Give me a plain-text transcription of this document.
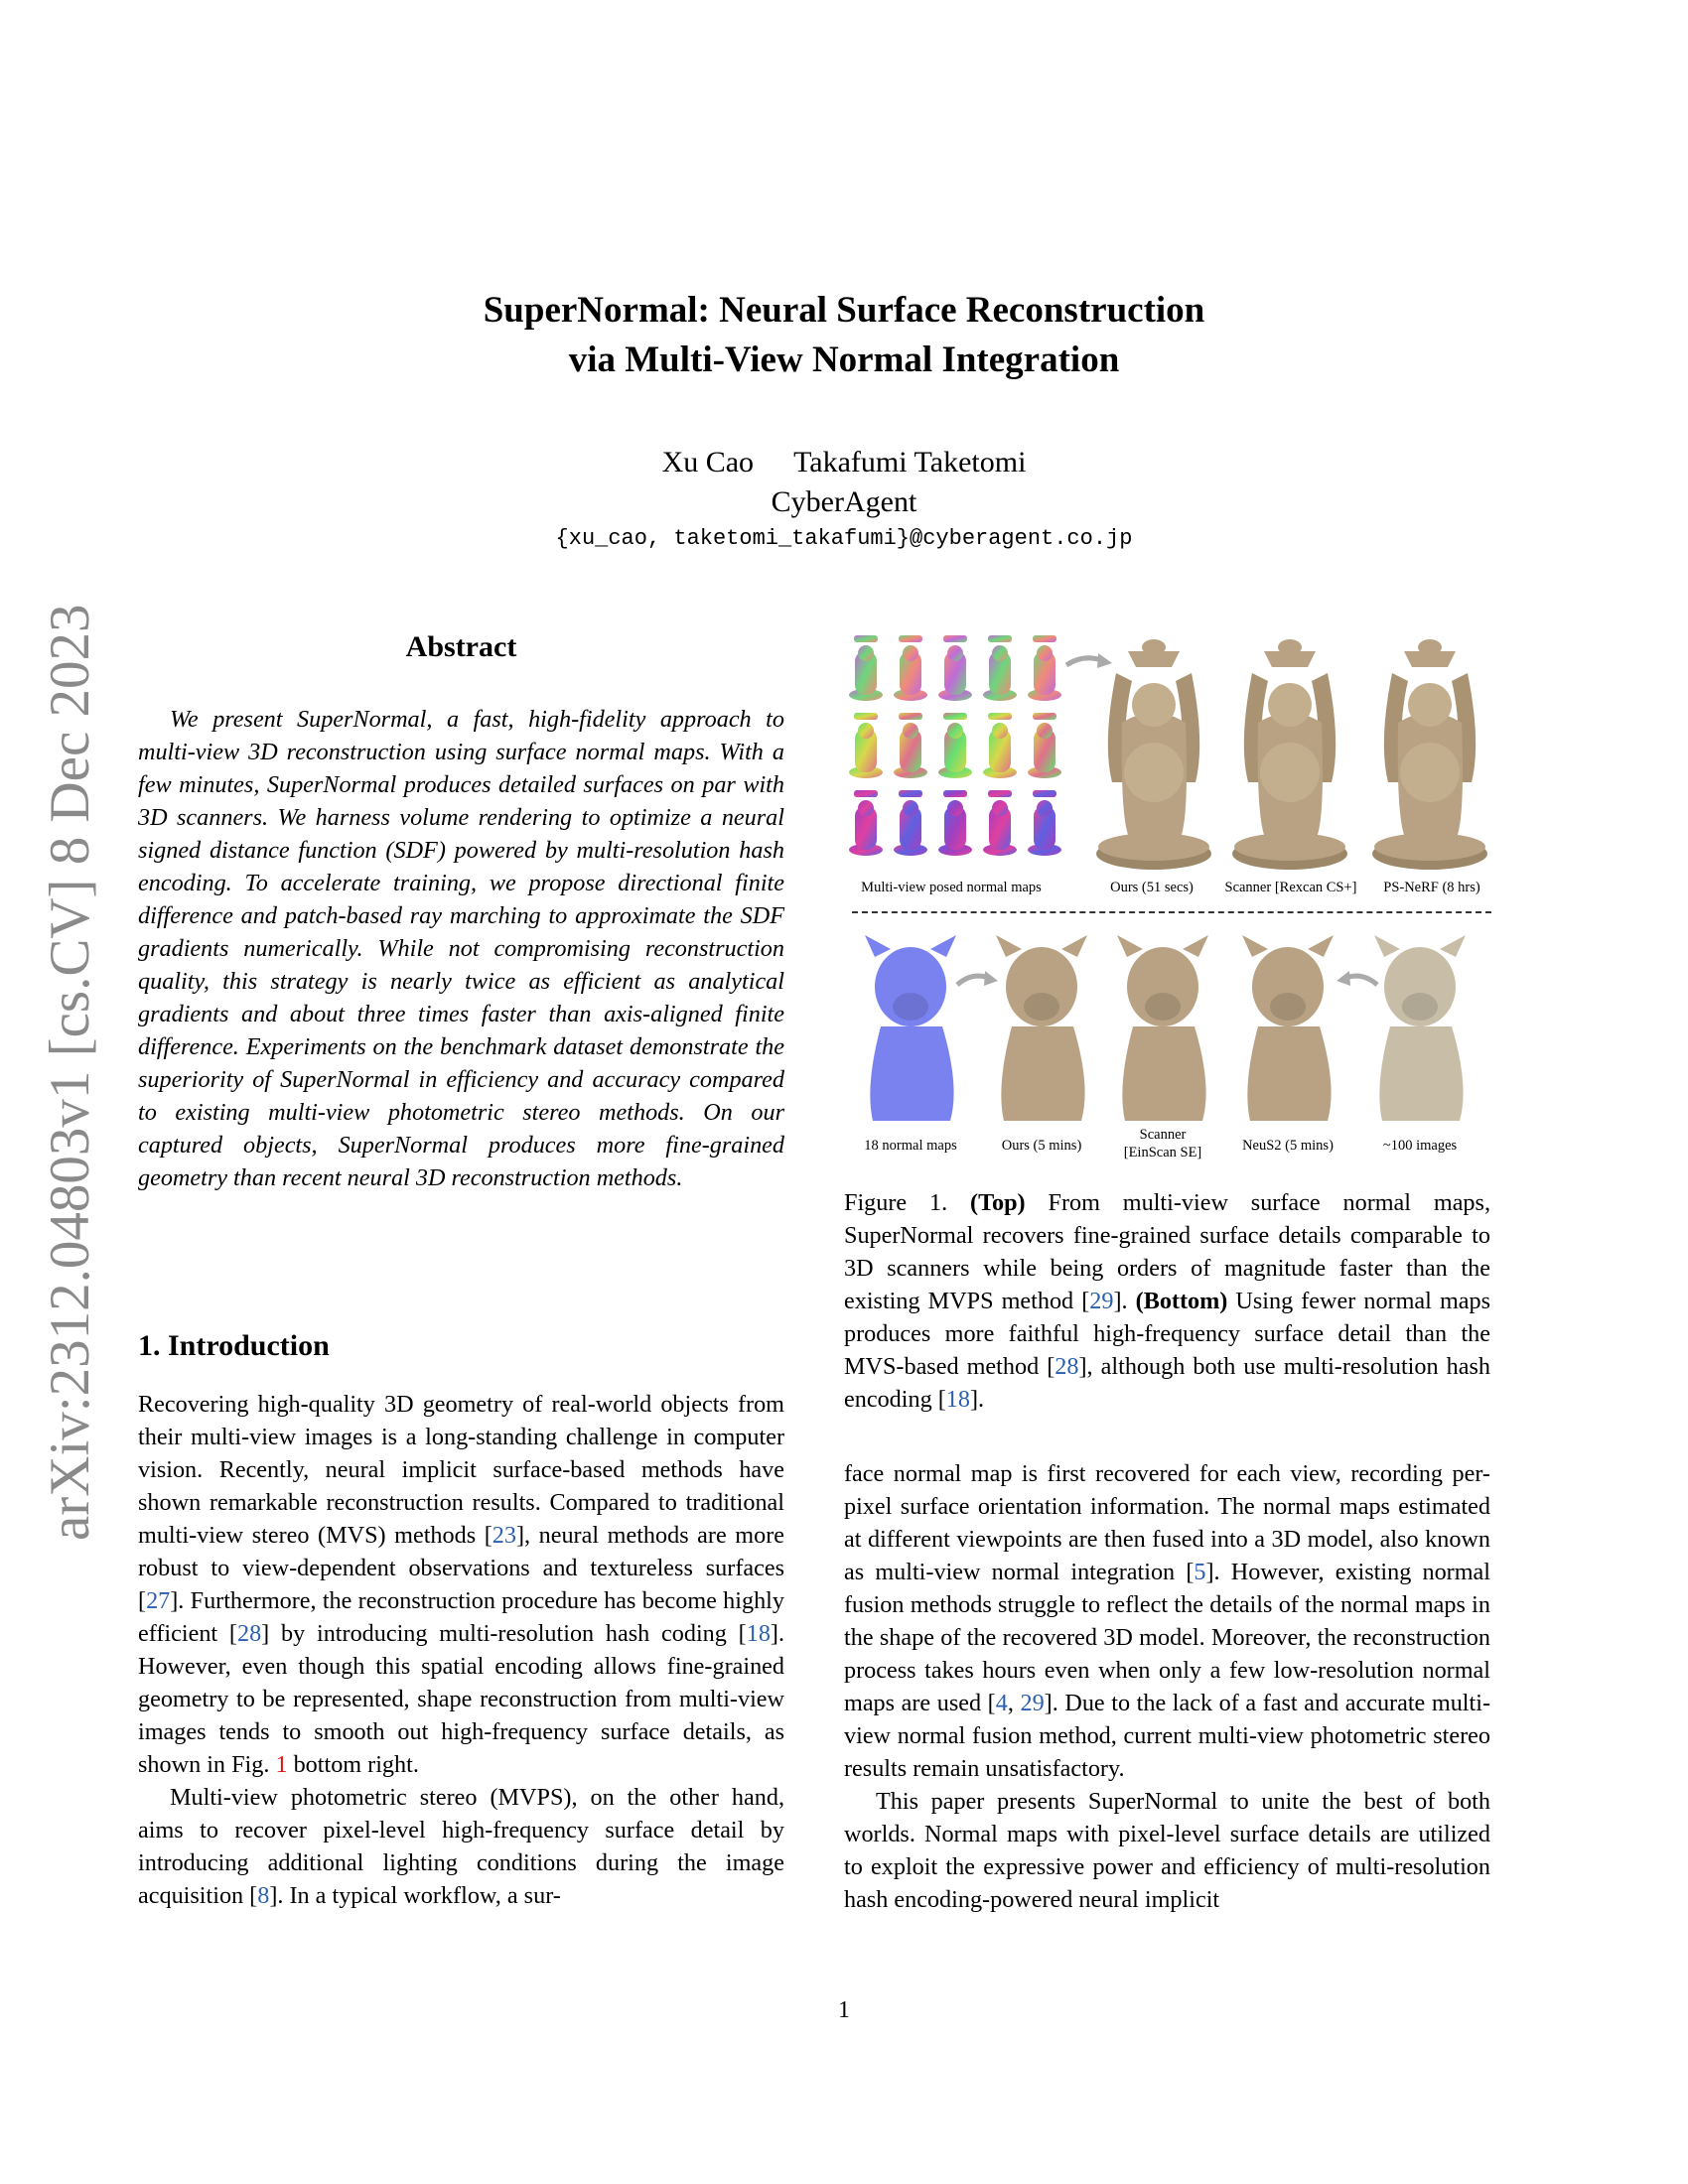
arXiv:2312.04803v1 [cs.CV] 8 Dec 2023
SuperNormal: Neural Surface Reconstruction
via Multi-View Normal Integration
Xu Cao Takafumi Taketomi
CyberAgent
{xu_cao, taketomi_takafumi}@cyberagent.co.jp
Abstract

We present SuperNormal, a fast, high-fidelity approach to multi-view 3D reconstruction using surface normal maps. With a few minutes, SuperNormal produces detailed surfaces on par with 3D scanners. We harness volume rendering to optimize a neural signed distance function (SDF) powered by multi-resolution hash encoding. To accelerate training, we propose directional finite difference and patch-based ray marching to approximate the SDF gradients numerically. While not compromising reconstruction quality, this strategy is nearly twice as efficient as analytical gradients and about three times faster than axis-aligned finite difference. Experiments on the benchmark dataset demonstrate the superiority of SuperNormal in efficiency and accuracy compared to existing multi-view photometric stereo methods. On our captured objects, SuperNormal produces more fine-grained geometry than recent neural 3D reconstruction methods.

1. Introduction

Recovering high-quality 3D geometry of real-world objects from their multi-view images is a long-standing challenge in computer vision. Recently, neural implicit surface-based methods have shown remarkable reconstruction results. Compared to traditional multi-view stereo (MVS) methods [23], neural methods are more robust to view-dependent observations and textureless surfaces [27]. Furthermore, the reconstruction procedure has become highly efficient [28] by introducing multi-resolution hash coding [18]. However, even though this spatial encoding allows fine-grained geometry to be represented, shape reconstruction from multi-view images tends to smooth out high-frequency surface details, as shown in Fig. 1 bottom right.

Multi-view photometric stereo (MVPS), on the other hand, aims to recover pixel-level high-frequency surface detail by introducing additional lighting conditions during the image acquisition [8]. In a typical workflow, a sur-

Multi-view posed normal maps	Ours (51 secs) Scanner [Rexcan CS+] PS-NeRF (8 hrs)
18 normal maps	Ours (5 mins)
Scanner
[EinScan SE]	NeuS2 (5 mins)	~100 images

Figure 1. (Top) From multi-view surface normal maps, SuperNormal recovers fine-grained surface details comparable to 3D scanners while being orders of magnitude faster than the existing MVPS method [29]. (Bottom) Using fewer normal maps produces more faithful high-frequency surface detail than the MVS-based method [28], although both use multi-resolution hash encoding [18].

face normal map is first recovered for each view, recording per-pixel surface orientation information. The normal maps estimated at different viewpoints are then fused into a 3D model, also known as multi-view normal integration [5]. However, existing normal fusion methods struggle to reflect the details of the normal maps in the shape of the recovered 3D model. Moreover, the reconstruction process takes hours even when only a few low-resolution normal maps are used [4, 29]. Due to the lack of a fast and accurate multi-view normal fusion method, current multi-view photometric stereo results remain unsatisfactory.

This paper presents SuperNormal to unite the best of both worlds. Normal maps with pixel-level surface details are utilized to exploit the expressive power and efficiency of multi-resolution hash encoding-powered neural implicit

1
